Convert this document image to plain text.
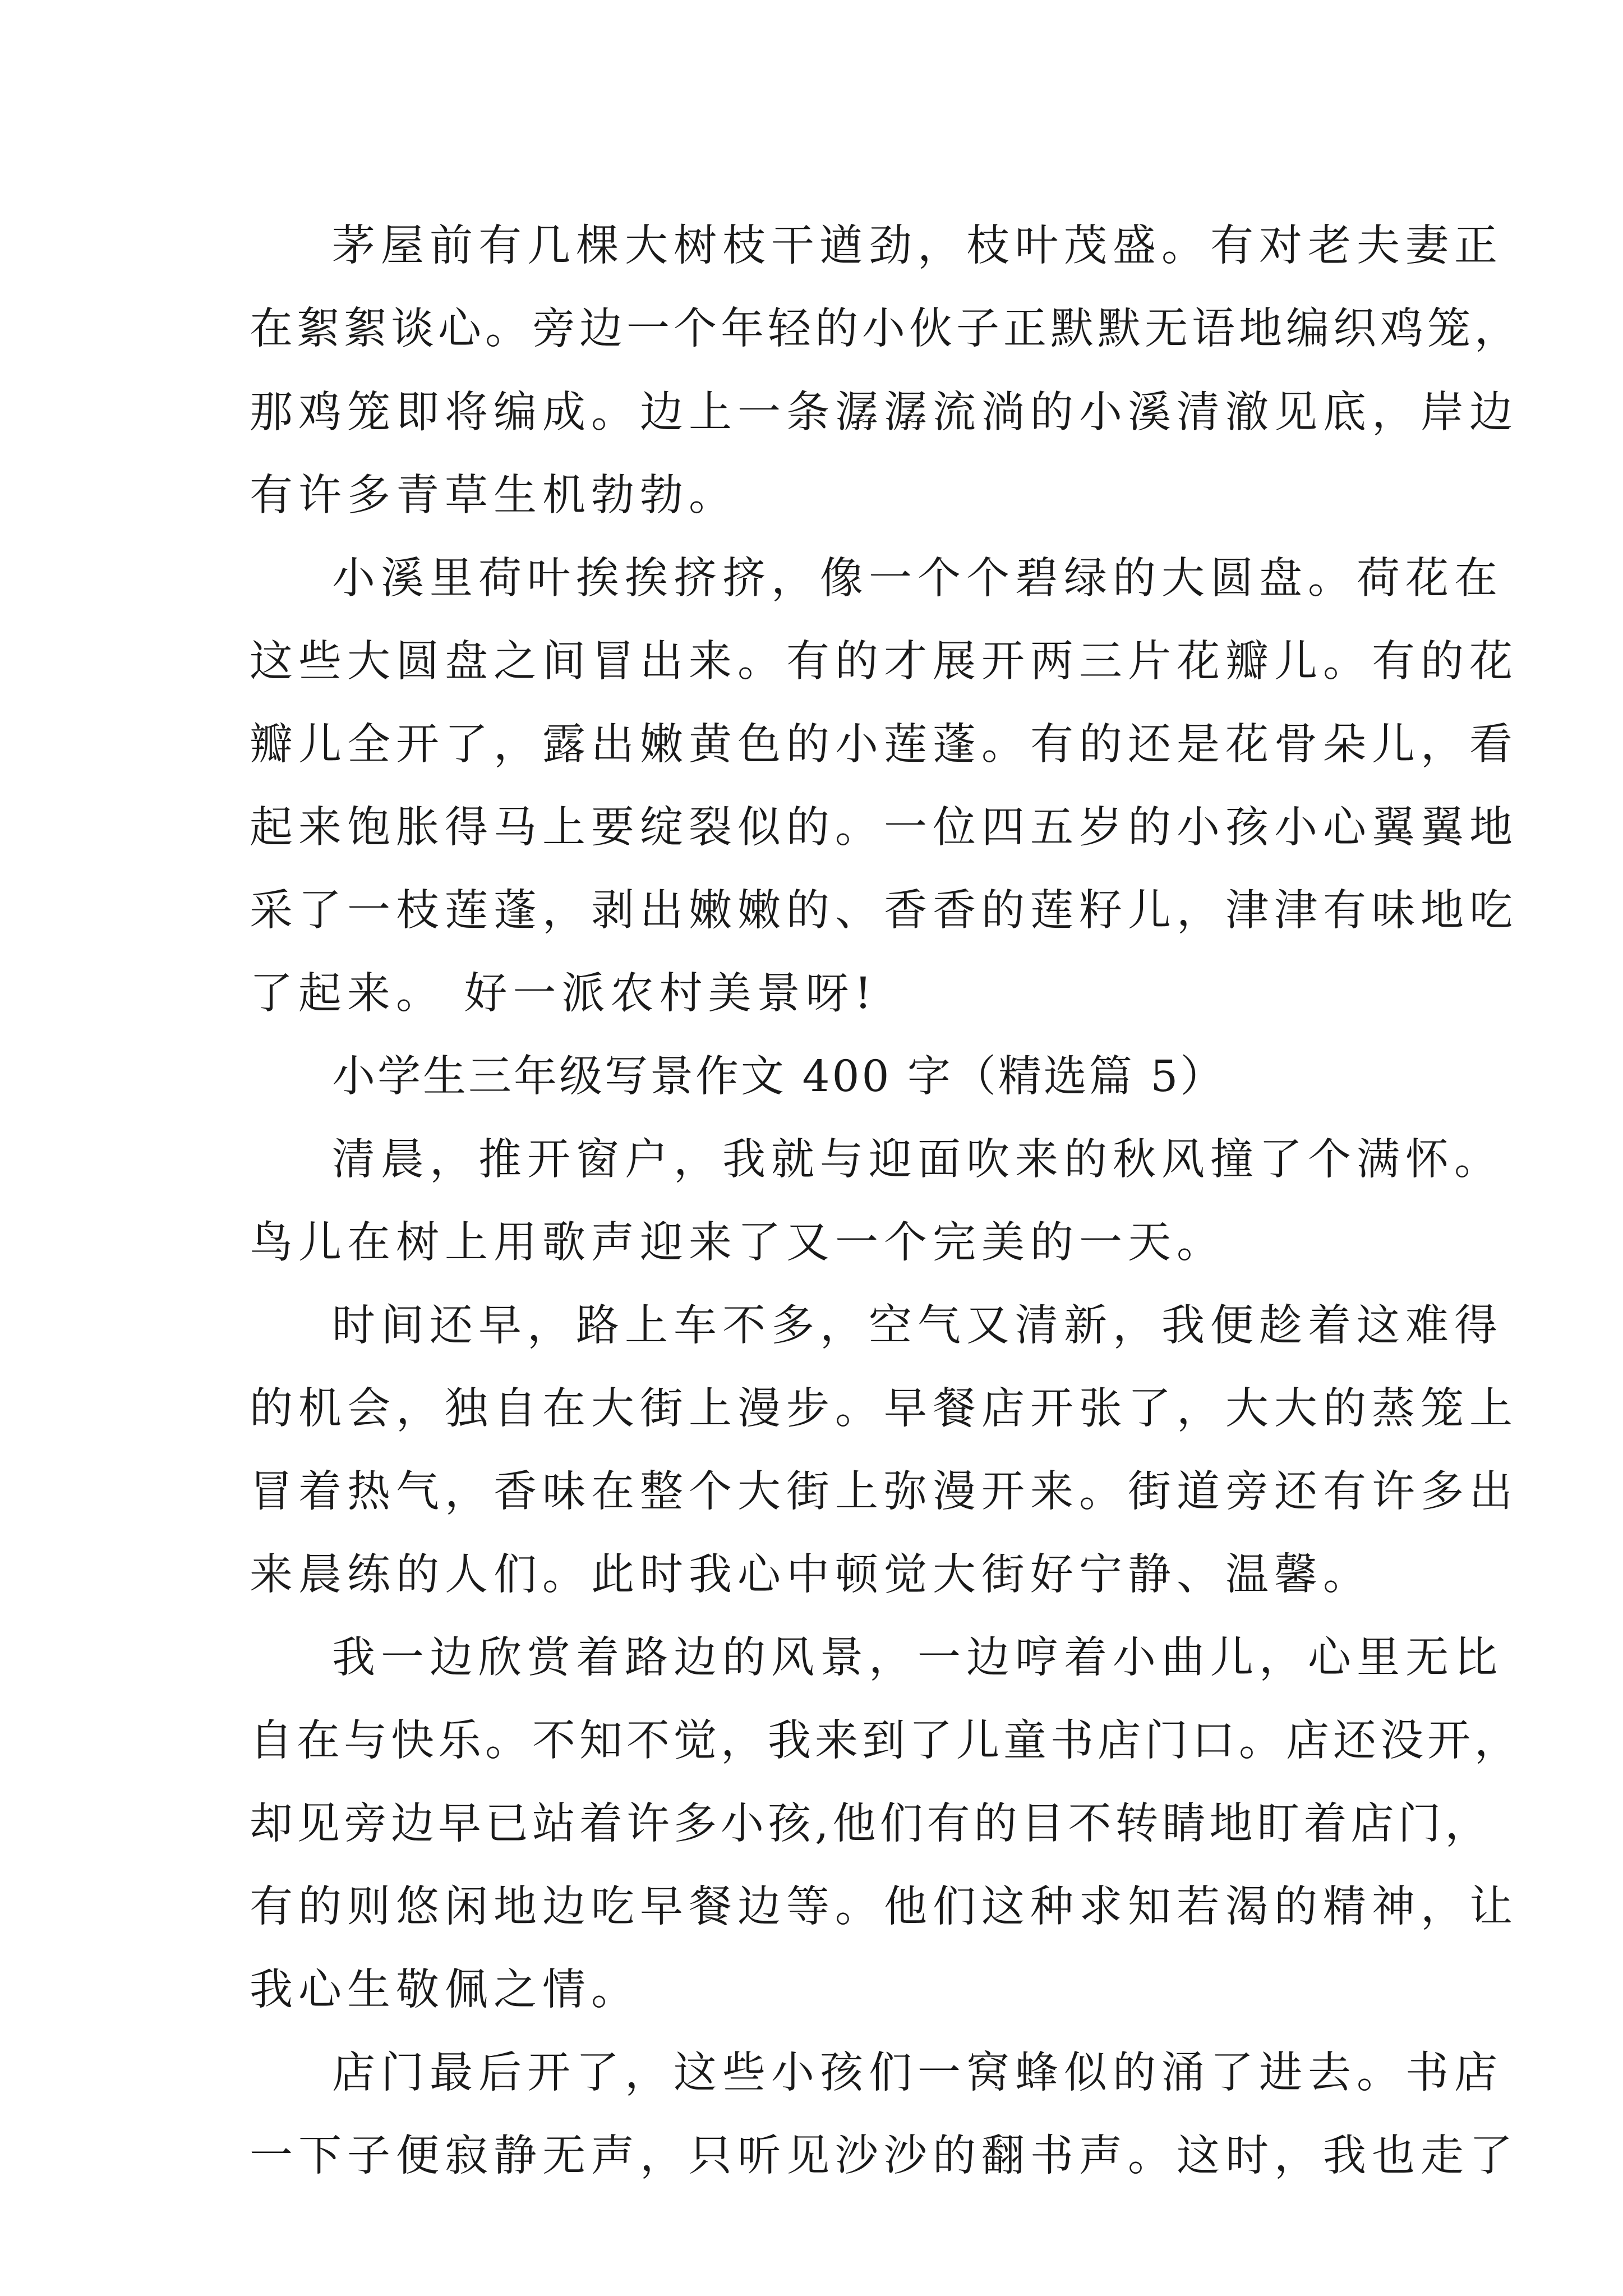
茅屋前有几棵大树枝干遒劲，枝叶茂盛。有对老夫妻正
在絮絮谈心。旁边一个年轻的小伙子正默默无语地编织鸡笼，
那鸡笼即将编成。边上一条潺潺流淌的小溪清澈见底，岸边
有许多青草生机勃勃。
小溪里荷叶挨挨挤挤，像一个个碧绿的大圆盘。荷花在
这些大圆盘之间冒出来。有的才展开两三片花瓣儿。有的花
瓣儿全开了，露出嫩黄色的小莲蓬。有的还是花骨朵儿，看
起来饱胀得马上要绽裂似的。一位四五岁的小孩小心翼翼地
采了一枝莲蓬，剥出嫩嫩的、香香的莲籽儿，津津有味地吃
了起来。 好一派农村美景呀!
小学生三年级写景作文 400 字（精选篇 5）
清晨，推开窗户，我就与迎面吹来的秋风撞了个满怀。
鸟儿在树上用歌声迎来了又一个完美的一天。
时间还早，路上车不多，空气又清新，我便趁着这难得
的机会，独自在大街上漫步。早餐店开张了，大大的蒸笼上
冒着热气，香味在整个大街上弥漫开来。街道旁还有许多出
来晨练的人们。此时我心中顿觉大街好宁静、温馨。
我一边欣赏着路边的风景，一边哼着小曲儿，心里无比
自在与快乐。不知不觉，我来到了儿童书店门口。店还没开，
却见旁边早已站着许多小孩,他们有的目不转睛地盯着店门，
有的则悠闲地边吃早餐边等。他们这种求知若渴的精神，让
我心生敬佩之情。
店门最后开了，这些小孩们一窝蜂似的涌了进去。书店
一下子便寂静无声，只听见沙沙的翻书声。这时，我也走了
